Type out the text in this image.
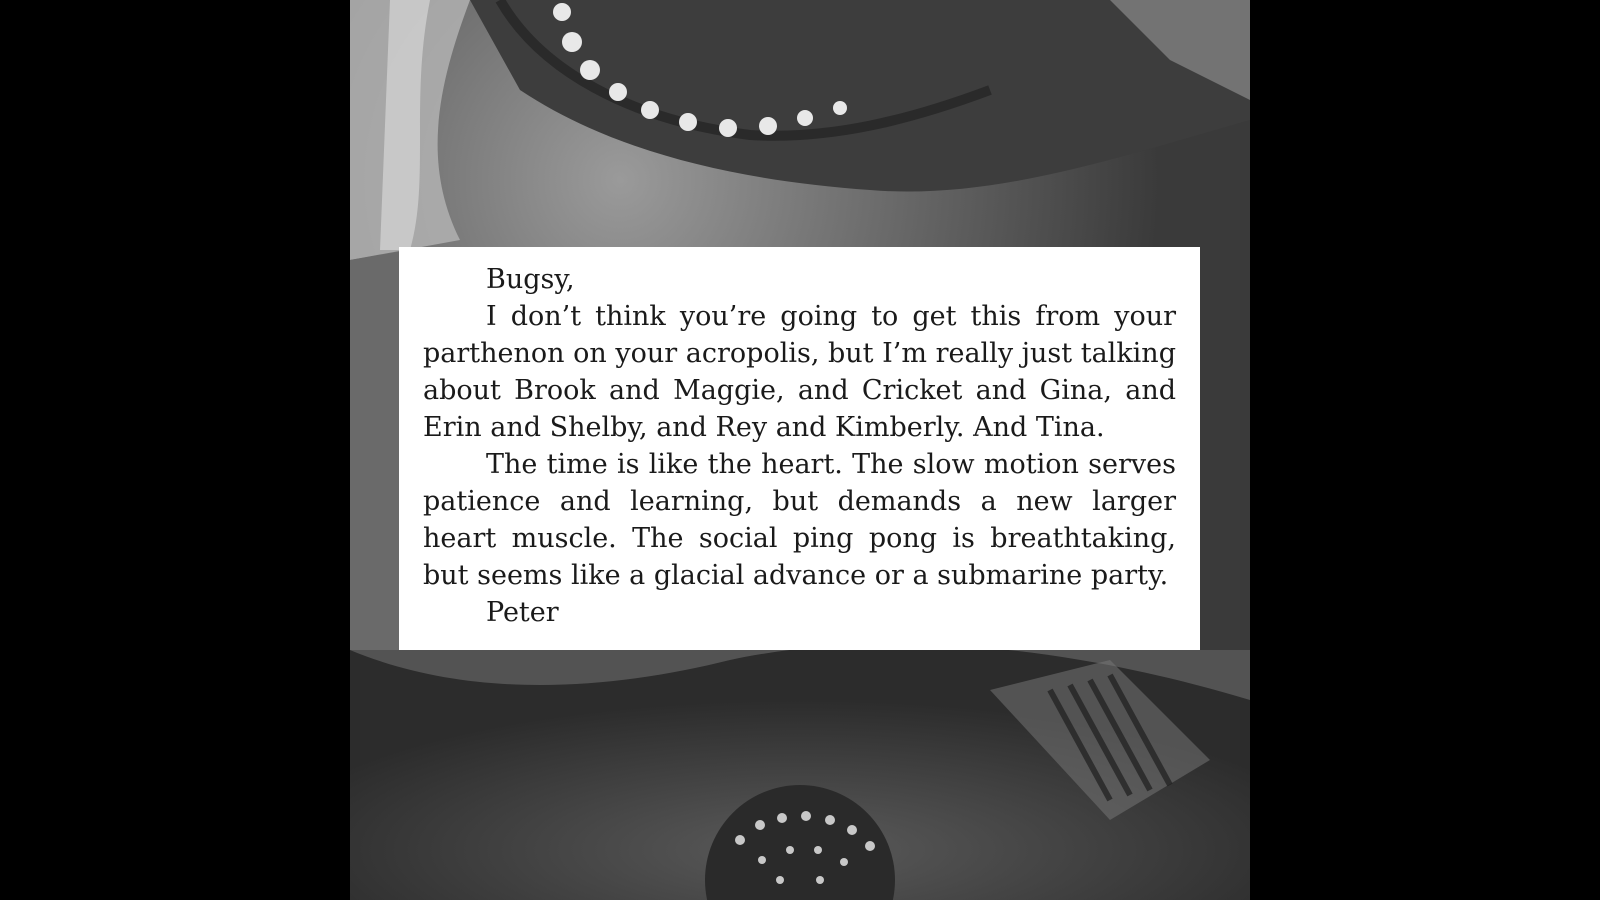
Bugsy,

I don’t think you’re going to get this from your parthenon on your acropolis, but I’m really just talking about Brook and Maggie, and Cricket and Gina, and Erin and Shelby, and Rey and Kimberly. And Tina.

The time is like the heart. The slow motion serves patience and learning, but demands a new larger heart muscle. The social ping pong is breathtaking, but seems like a glacial advance or a submarine party.

Peter
